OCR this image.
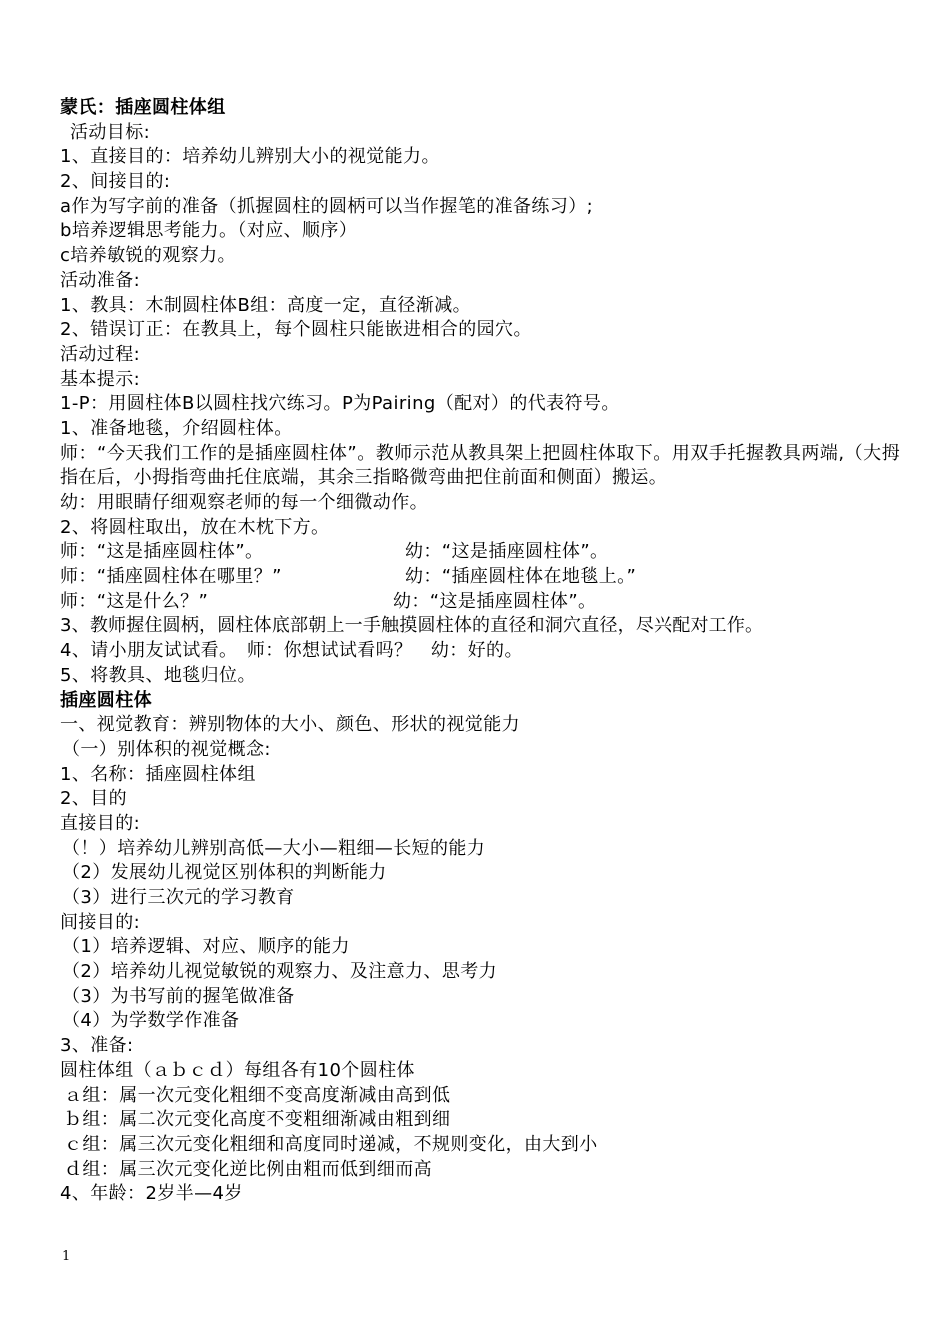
蒙氏：插座圆柱体组
活动目标:
1、直接目的：培养幼儿辨别大小的视觉能力。
2、间接目的:
a作为写字前的准备（抓握圆柱的圆柄可以当作握笔的准备练习）;
b培养逻辑思考能力。（对应、顺序）
c培养敏锐的观察力。
活动准备:
1、教具：木制圆柱体B组：高度一定，直径渐减。
2、错误订正：在教具上，每个圆柱只能嵌进相合的园穴。
活动过程:
基本提示:
1-P：用圆柱体B以圆柱找穴练习。P为Pairing（配对）的代表符号。
1、准备地毯，介绍圆柱体。
师：“今天我们工作的是插座圆柱体”。教师示范从教具架上把圆柱体取下。用双手托握教具两端,（大拇指在后，小拇指弯曲托住底端，其余三指略微弯曲把住前面和侧面）搬运。
幼：用眼睛仔细观察老师的每一个细微动作。
2、将圆柱取出，放在木枕下方。
师：“这是插座圆柱体”。	幼：“这是插座圆柱体”。
师：“插座圆柱体在哪里？”	幼：“插座圆柱体在地毯上。”
师：“这是什么？”	幼：“这是插座圆柱体”。
3、教师握住圆柄，圆柱体底部朝上一手触摸圆柱体的直径和洞穴直径，尽兴配对工作。
4、请小朋友试试看。　师：你想试试看吗？　幼：好的。
5、将教具、地毯归位。
插座圆柱体
一、视觉教育：辨别物体的大小、颜色、形状的视觉能力
（一）别体积的视觉概念:
1、名称：插座圆柱体组
2、目的
直接目的:
（！）培养幼儿辨别高低—大小—粗细—长短的能力
（2）发展幼儿视觉区别体积的判断能力
（3）进行三次元的学习教育
间接目的:
（1）培养逻辑、对应、顺序的能力
（2）培养幼儿视觉敏锐的观察力、及注意力、思考力
（3）为书写前的握笔做准备
（4）为学数学作准备
3、准备:
圆柱体组（ａｂｃｄ）每组各有10个圆柱体
ａ组：属一次元变化粗细不变高度渐减由高到低
ｂ组：属二次元变化高度不变粗细渐减由粗到细
ｃ组：属三次元变化粗细和高度同时递减，不规则变化，由大到小
ｄ组：属三次元变化逆比例由粗而低到细而高
4、年龄：2岁半—4岁
1
